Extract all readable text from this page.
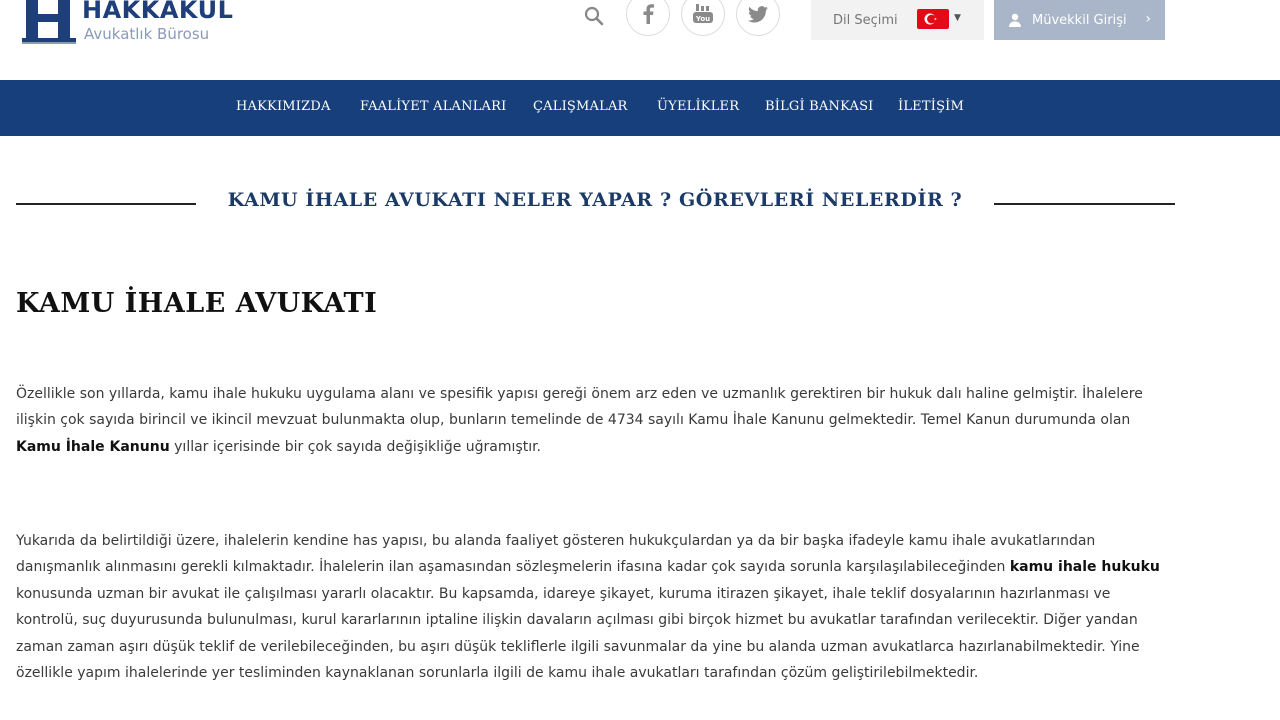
HAKKAKUL
Avukatlık Bürosu
You	Dil Seçimi	▼	Müvekkil Girişi ›
HAKKIMIZDA FAALİYET ALANLARI ÇALIŞMALAR ÜYELİKLER BİLGİ BANKASI İLETİŞİM
KAMU İHALE AVUKATI NELER YAPAR ? GÖREVLERİ NELERDİR ?
KAMU İHALE AVUKATI

Özellikle son yıllarda, kamu ihale hukuku uygulama alanı ve spesifik yapısı gereği önem arz eden ve uzmanlık gerektiren bir hukuk dalı haline gelmiştir. İhalelere ilişkin çok sayıda birincil ve ikincil mevzuat bulunmakta olup, bunların temelinde de 4734 sayılı Kamu İhale Kanunu gelmektedir. Temel Kanun durumunda olan Kamu İhale Kanunu yıllar içerisinde bir çok sayıda değişikliğe uğramıştır.

Yukarıda da belirtildiği üzere, ihalelerin kendine has yapısı, bu alanda faaliyet gösteren hukukçulardan ya da bir başka ifadeyle kamu ihale avukatlarından danışmanlık alınmasını gerekli kılmaktadır. İhalelerin ilan aşamasından sözleşmelerin ifasına kadar çok sayıda sorunla karşılaşılabileceğinden kamu ihale hukuku konusunda uzman bir avukat ile çalışılması yararlı olacaktır. Bu kapsamda, idareye şikayet, kuruma itirazen şikayet, ihale teklif dosyalarının hazırlanması ve kontrolü, suç duyurusunda bulunulması, kurul kararlarının iptaline ilişkin davaların açılması gibi birçok hizmet bu avukatlar tarafından verilecektir. Diğer yandan zaman zaman aşırı düşük teklif de verilebileceğinden, bu aşırı düşük tekliflerle ilgili savunmalar da yine bu alanda uzman avukatlarca hazırlanabilmektedir. Yine özellikle yapım ihalelerinde yer tesliminden kaynaklanan sorunlarla ilgili de kamu ihale avukatları tarafından çözüm geliştirilebilmektedir.
